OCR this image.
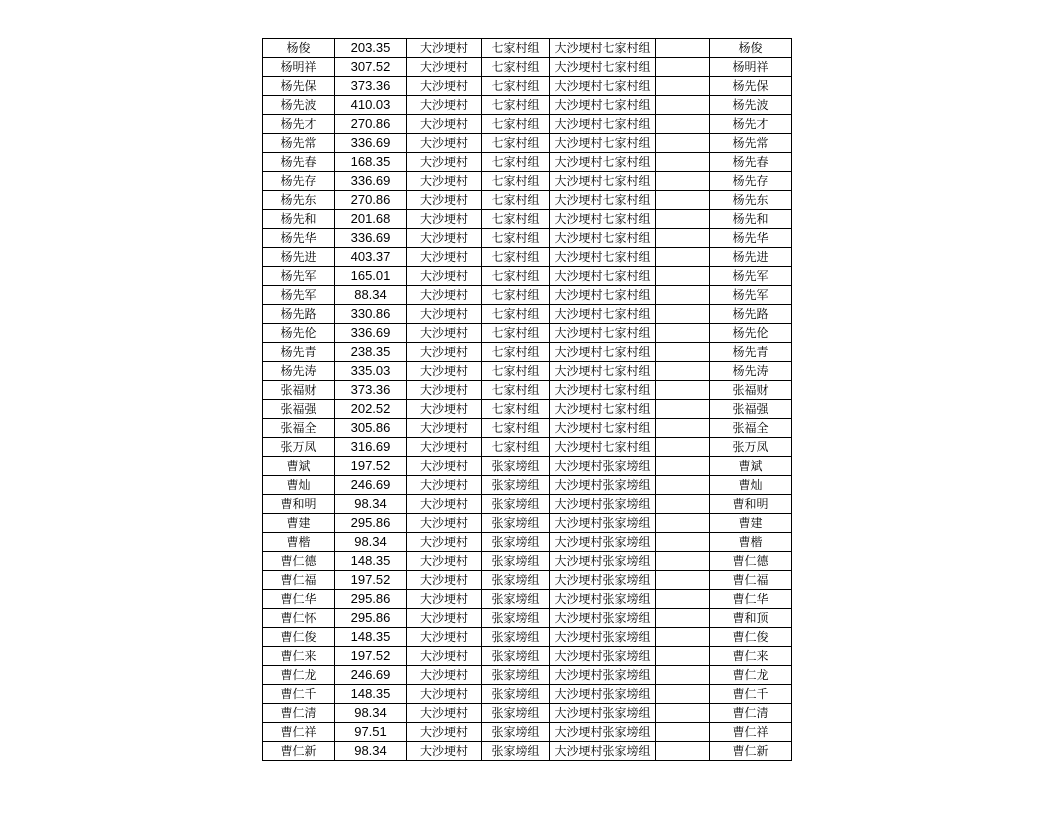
杨俊	203.35	大沙埂村	七家村组	大沙埂村七家村组		杨俊
杨明祥	307.52	大沙埂村	七家村组	大沙埂村七家村组		杨明祥
杨先保	373.36	大沙埂村	七家村组	大沙埂村七家村组		杨先保
杨先波	410.03	大沙埂村	七家村组	大沙埂村七家村组		杨先波
杨先才	270.86	大沙埂村	七家村组	大沙埂村七家村组		杨先才
杨先常	336.69	大沙埂村	七家村组	大沙埂村七家村组		杨先常
杨先春	168.35	大沙埂村	七家村组	大沙埂村七家村组		杨先春
杨先存	336.69	大沙埂村	七家村组	大沙埂村七家村组		杨先存
杨先东	270.86	大沙埂村	七家村组	大沙埂村七家村组		杨先东
杨先和	201.68	大沙埂村	七家村组	大沙埂村七家村组		杨先和
杨先华	336.69	大沙埂村	七家村组	大沙埂村七家村组		杨先华
杨先进	403.37	大沙埂村	七家村组	大沙埂村七家村组		杨先进
杨先军	165.01	大沙埂村	七家村组	大沙埂村七家村组		杨先军
杨先军	88.34	大沙埂村	七家村组	大沙埂村七家村组		杨先军
杨先路	330.86	大沙埂村	七家村组	大沙埂村七家村组		杨先路
杨先伦	336.69	大沙埂村	七家村组	大沙埂村七家村组		杨先伦
杨先青	238.35	大沙埂村	七家村组	大沙埂村七家村组		杨先青
杨先涛	335.03	大沙埂村	七家村组	大沙埂村七家村组		杨先涛
张福财	373.36	大沙埂村	七家村组	大沙埂村七家村组		张福财
张福强	202.52	大沙埂村	七家村组	大沙埂村七家村组		张福强
张福全	305.86	大沙埂村	七家村组	大沙埂村七家村组		张福全
张万凤	316.69	大沙埂村	七家村组	大沙埂村七家村组		张万凤
曹斌	197.52	大沙埂村	张家塝组	大沙埂村张家塝组		曹斌
曹灿	246.69	大沙埂村	张家塝组	大沙埂村张家塝组		曹灿
曹和明	98.34	大沙埂村	张家塝组	大沙埂村张家塝组		曹和明
曹建	295.86	大沙埂村	张家塝组	大沙埂村张家塝组		曹建
曹楷	98.34	大沙埂村	张家塝组	大沙埂村张家塝组		曹楷
曹仁德	148.35	大沙埂村	张家塝组	大沙埂村张家塝组		曹仁德
曹仁福	197.52	大沙埂村	张家塝组	大沙埂村张家塝组		曹仁福
曹仁华	295.86	大沙埂村	张家塝组	大沙埂村张家塝组		曹仁华
曹仁怀	295.86	大沙埂村	张家塝组	大沙埂村张家塝组		曹和顶
曹仁俊	148.35	大沙埂村	张家塝组	大沙埂村张家塝组		曹仁俊
曹仁来	197.52	大沙埂村	张家塝组	大沙埂村张家塝组		曹仁来
曹仁龙	246.69	大沙埂村	张家塝组	大沙埂村张家塝组		曹仁龙
曹仁千	148.35	大沙埂村	张家塝组	大沙埂村张家塝组		曹仁千
曹仁清	98.34	大沙埂村	张家塝组	大沙埂村张家塝组		曹仁清
曹仁祥	97.51	大沙埂村	张家塝组	大沙埂村张家塝组		曹仁祥
曹仁新	98.34	大沙埂村	张家塝组	大沙埂村张家塝组		曹仁新
